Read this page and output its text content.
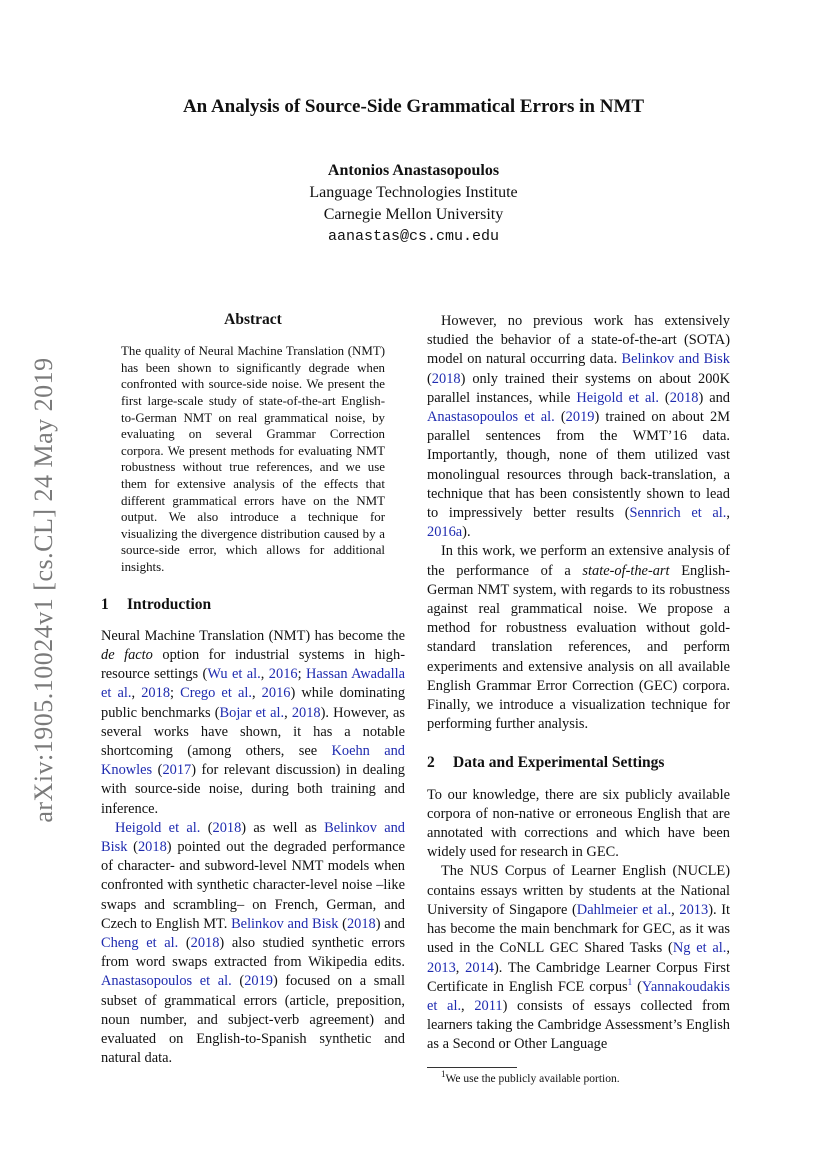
arXiv:1905.10024v1 [cs.CL] 24 May 2019
An Analysis of Source-Side Grammatical Errors in NMT
Antonios Anastasopoulos
Language Technologies Institute
Carnegie Mellon University
aanastas@cs.cmu.edu
Abstract

The quality of Neural Machine Translation (NMT) has been shown to significantly degrade when confronted with source-side noise. We present the first large-scale study of state-of-the-art English-to-German NMT on real grammatical noise, by evaluating on several Grammar Correction corpora. We present methods for evaluating NMT robustness without true references, and we use them for extensive analysis of the effects that different grammatical errors have on the NMT output. We also introduce a technique for visualizing the divergence distribution caused by a source-side error, which allows for additional insights.

1 Introduction

Neural Machine Translation (NMT) has become the de facto option for industrial systems in high-resource settings (Wu et al., 2016; Hassan Awadalla et al., 2018; Crego et al., 2016) while dominating public benchmarks (Bojar et al., 2018). However, as several works have shown, it has a notable shortcoming (among others, see Koehn and Knowles (2017) for relevant discussion) in dealing with source-side noise, during both training and inference.

Heigold et al. (2018) as well as Belinkov and Bisk (2018) pointed out the degraded performance of character- and subword-level NMT models when confronted with synthetic character-level noise –like swaps and scrambling– on French, German, and Czech to English MT. Belinkov and Bisk (2018) and Cheng et al. (2018) also studied synthetic errors from word swaps extracted from Wikipedia edits. Anastasopoulos et al. (2019) focused on a small subset of grammatical errors (article, preposition, noun number, and subject-verb agreement) and evaluated on English-to-Spanish synthetic and natural data.

However, no previous work has extensively studied the behavior of a state-of-the-art (SOTA) model on natural occurring data. Belinkov and Bisk (2018) only trained their systems on about 200K parallel instances, while Heigold et al. (2018) and Anastasopoulos et al. (2019) trained on about 2M parallel sentences from the WMT’16 data. Importantly, though, none of them utilized vast monolingual resources through back-translation, a technique that has been consistently shown to lead to impressively better results (Sennrich et al., 2016a).

In this work, we perform an extensive analysis of the performance of a state-of-the-art English-German NMT system, with regards to its robustness against real grammatical noise. We propose a method for robustness evaluation without gold-standard translation references, and perform experiments and extensive analysis on all available English Grammar Error Correction (GEC) corpora. Finally, we introduce a visualization technique for performing further analysis.

2 Data and Experimental Settings

To our knowledge, there are six publicly available corpora of non-native or erroneous English that are annotated with corrections and which have been widely used for research in GEC.

The NUS Corpus of Learner English (NUCLE) contains essays written by students at the National University of Singapore (Dahlmeier et al., 2013). It has become the main benchmark for GEC, as it was used in the CoNLL GEC Shared Tasks (Ng et al., 2013, 2014). The Cambridge Learner Corpus First Certificate in English FCE corpus$^1$ (Yannakoudakis et al., 2011) consists of essays collected from learners taking the Cambridge Assessment’s English as a Second or Other Language

$^1$We use the publicly available portion.
